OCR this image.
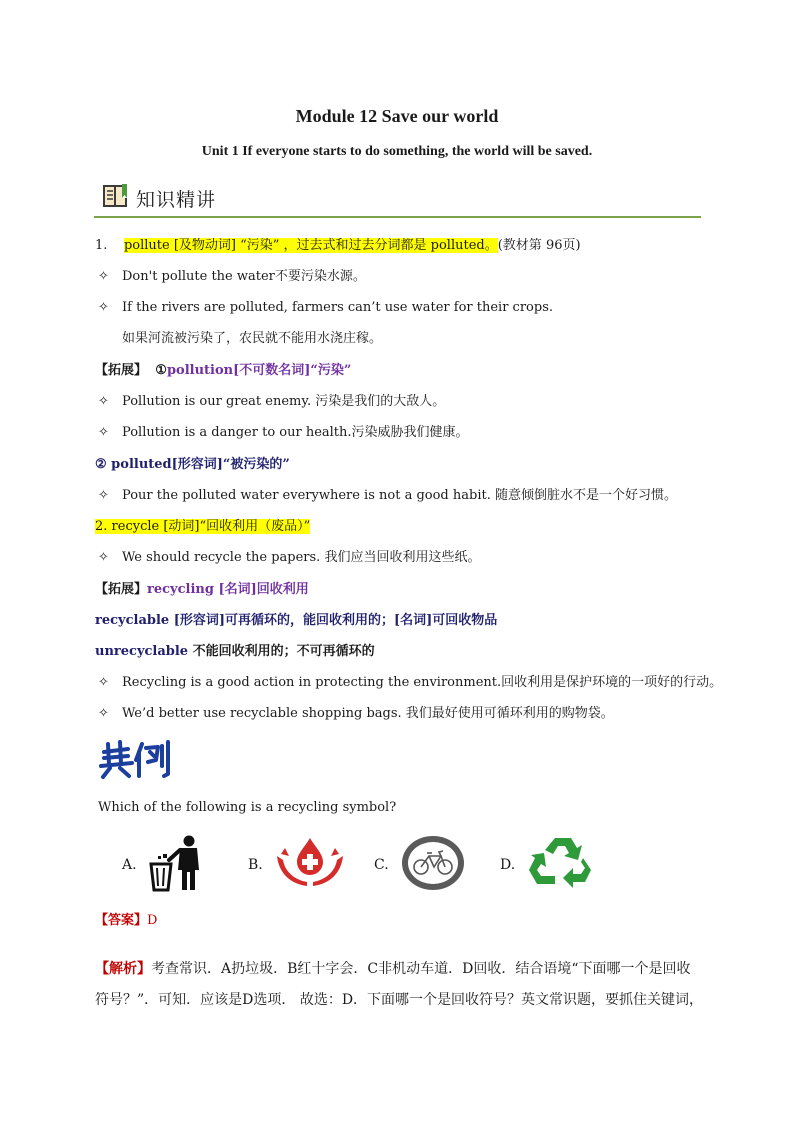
Module 12 Save our world
Unit 1 If everyone starts to do something, the world will be saved.
知识精讲
1. pollute [及物动词] “污染” ，过去式和过去分词都是 polluted。(教材第 96页)
✧ Don't pollute the water不要污染水源。
✧ If the rivers are polluted, farmers can’t use water for their crops.
如果河流被污染了，农民就不能用水浇庄稼。
【拓展】 ①pollution[不可数名词]“污染”
✧ Pollution is our great enemy. 污染是我们的大敌人。
✧ Pollution is a danger to our health.污染威胁我们健康。
② polluted[形容词]“被污染的”
✧ Pour the polluted water everywhere is not a good habit. 随意倾倒脏水不是一个好习惯。
2. recycle [动词]“回收利用（废品）”
✧ We should recycle the papers. 我们应当回收利用这些纸。
【拓展】recycling [名词]回收利用
recyclable [形容词]可再循环的，能回收利用的；[名词]可回收物品
unrecyclable 不能回收利用的；不可再循环的
✧ Recycling is a good action in protecting the environment.回收利用是保护环境的一项好的行动。
✧ We’d better use recyclable shopping bags. 我们最好使用可循环利用的购物袋。
Which of the following is a recycling symbol?
A.	B.	C.	D.
【答案】D
【解析】考查常识．A扔垃圾．B红十字会．C非机动车道．D回收．结合语境“下面哪一个是回收
符号？”．可知．应该是D选项． 故选：D．下面哪一个是回收符号？英文常识题，要抓住关键词，
